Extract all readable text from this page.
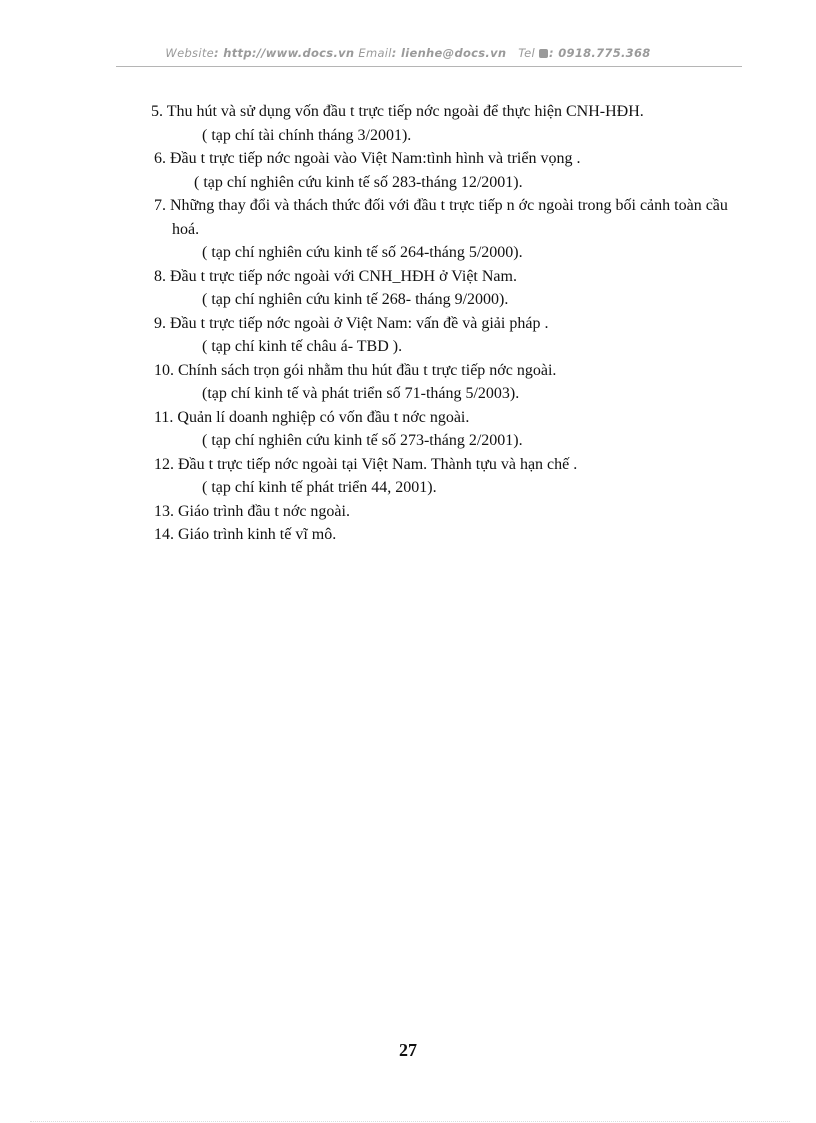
Website: http://www.docs.vn Email: lienhe@docs.vn Tel : 0918.775.368
5. Thu hút và sử dụng vốn đầu t trực tiếp nớc ngoài để thực hiện CNH-HĐH.
( tạp chí tài chính tháng 3/2001).
6. Đầu t trực tiếp nớc ngoài vào Việt Nam:tình hình và triển vọng .
( tạp chí nghiên cứu kinh tế số 283-tháng 12/2001).
7. Những thay đổi và thách thức đối với đầu t trực tiếp n ớc ngoài trong bối cảnh toàn cầu hoá.
( tạp chí nghiên cứu kinh tế số 264-tháng 5/2000).
8. Đầu t trực tiếp nớc ngoài với CNH_HĐH ở Việt Nam.
( tạp chí nghiên cứu kinh tế 268- tháng 9/2000).
9. Đầu t trực tiếp nớc ngoài ở Việt Nam: vấn đề và giải pháp .
( tạp chí kinh tế châu á- TBD ).
10. Chính sách trọn gói nhằm thu hút đầu t trực tiếp nớc ngoài.
(tạp chí kinh tế và phát triển số 71-tháng 5/2003).
11. Quản lí doanh nghiệp có vốn đầu t nớc ngoài.
( tạp chí nghiên cứu kinh tế số 273-tháng 2/2001).
12. Đầu t trực tiếp nớc ngoài tại Việt Nam. Thành tựu và hạn chế .
( tạp chí kinh tế phát triển 44, 2001).
13. Giáo trình đầu t nớc ngoài.
14. Giáo trình kinh tế vĩ mô.
27
